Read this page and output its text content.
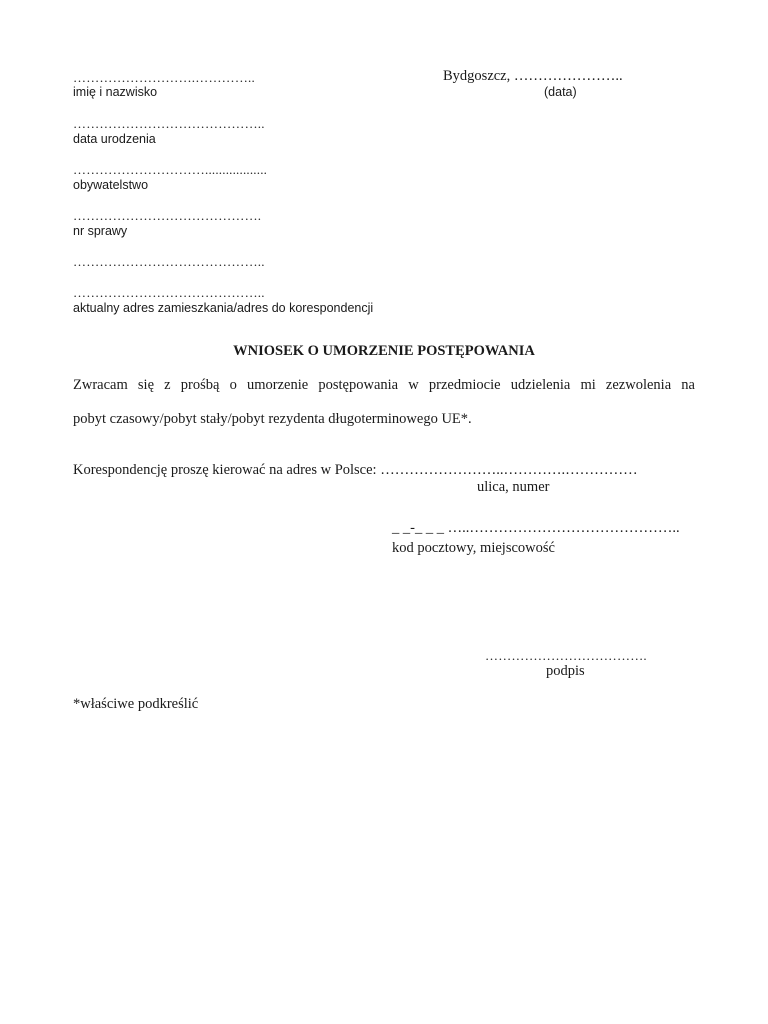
……………………….…………..
imię i nazwisko
Bydgoszcz, …………………..
(data)
……………………………………..
data urodzenia
…………………………..................
obywatelstwo
…………………………………….
nr sprawy
……………………………………..
……………………………………..
aktualny adres zamieszkania/adres do korespondencji
WNIOSEK O UMORZENIE POSTĘPOWANIA
Zwracam się z prośbą o umorzenie postępowania w przedmiocie udzielenia mi zezwolenia na
pobyt czasowy/pobyt stały/pobyt rezydenta długoterminowego UE*.
Korespondencję proszę kierować na adres w Polsce: ……………………..………….……………
ulica, numer
_ _-_ _ _ …..……………………………………..
kod pocztowy, miejscowość
……………………………….
podpis
*właściwe podkreślić
